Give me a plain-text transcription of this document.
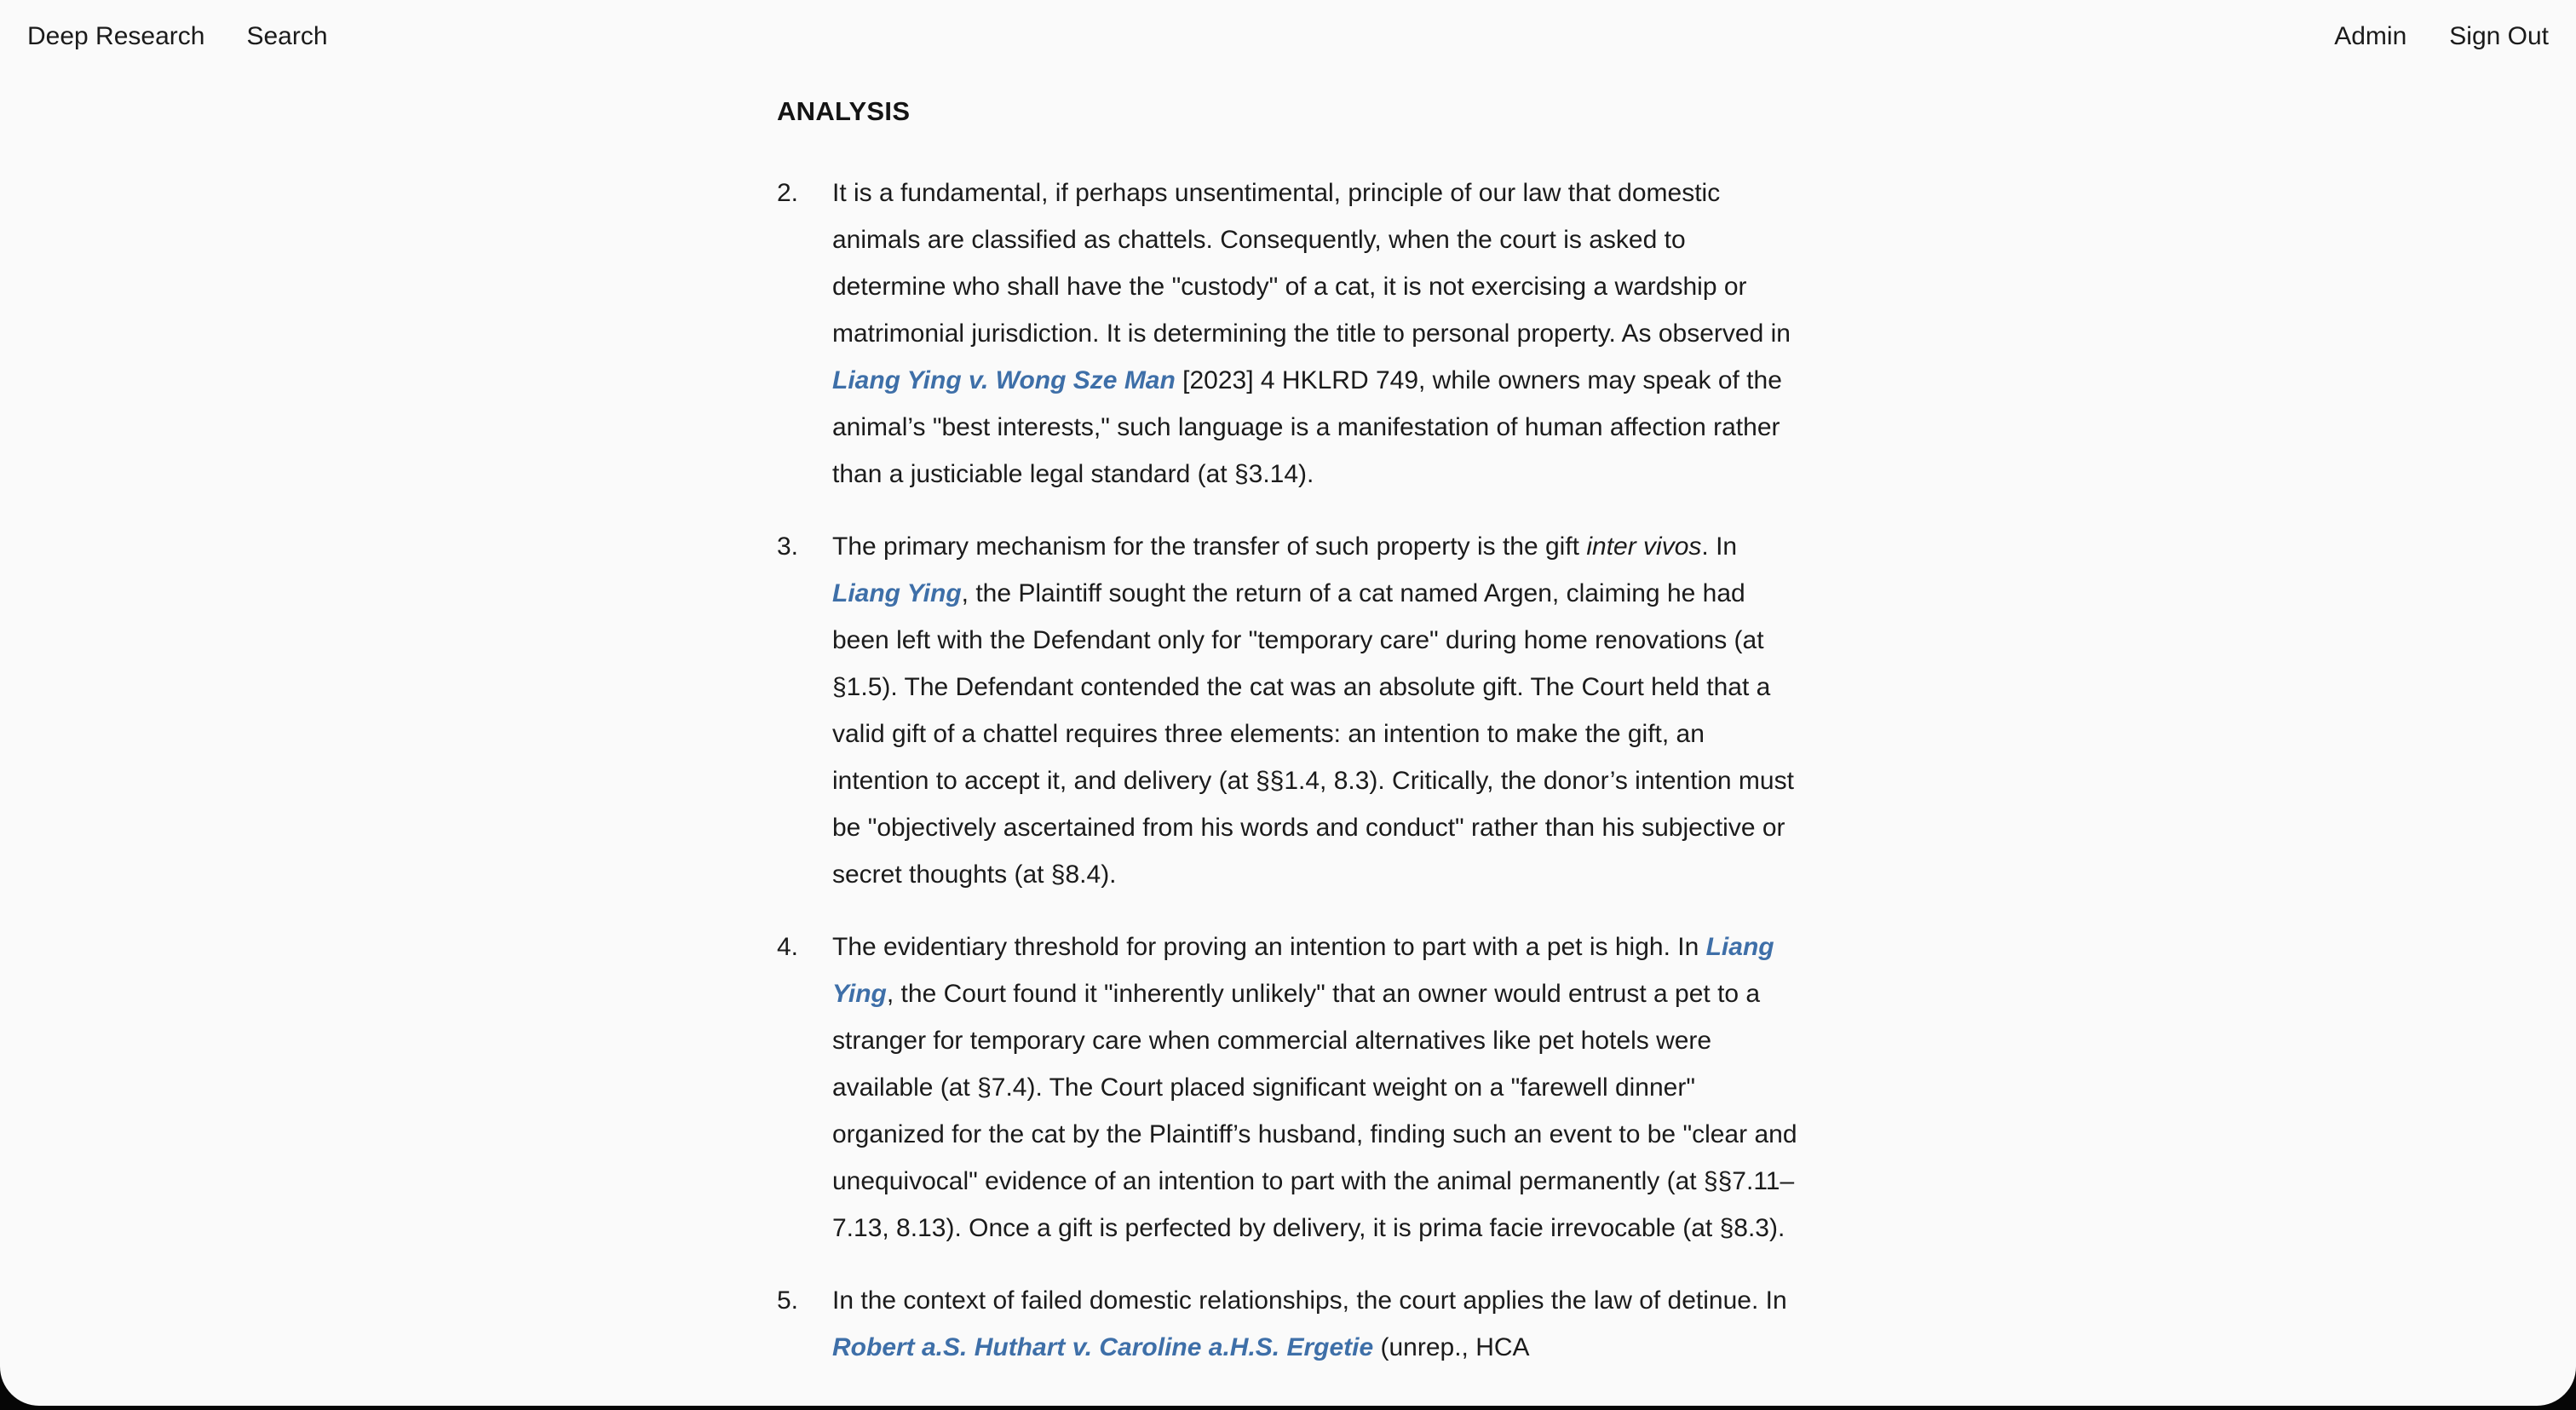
Deep Research Search	Admin Sign Out
ANALYSIS
2.	It is a fundamental, if perhaps unsentimental, principle of our law that domestic animals are classified as chattels. Consequently, when the court is asked to determine who shall have the "custody" of a cat, it is not exercising a wardship or matrimonial jurisdiction. It is determining the title to personal property. As observed in Liang Ying v. Wong Sze Man [2023] 4 HKLRD 749, while owners may speak of the animal’s "best interests," such language is a manifestation of human affection rather than a justiciable legal standard (at §3.14).
3.	The primary mechanism for the transfer of such property is the gift inter vivos. In Liang Ying, the Plaintiff sought the return of a cat named Argen, claiming he had been left with the Defendant only for "temporary care" during home renovations (at §1.5). The Defendant contended the cat was an absolute gift. The Court held that a valid gift of a chattel requires three elements: an intention to make the gift, an intention to accept it, and delivery (at §§1.4, 8.3). Critically, the donor’s intention must be "objectively ascertained from his words and conduct" rather than his subjective or secret thoughts (at §8.4).
4.	The evidentiary threshold for proving an intention to part with a pet is high. In Liang Ying, the Court found it "inherently unlikely" that an owner would entrust a pet to a stranger for temporary care when commercial alternatives like pet hotels were available (at §7.4). The Court placed significant weight on a "farewell dinner" organized for the cat by the Plaintiff’s husband, finding such an event to be "clear and unequivocal" evidence of an intention to part with the animal permanently (at §§7.11–7.13, 8.13). Once a gift is perfected by delivery, it is prima facie irrevocable (at §8.3).
5.	In the context of failed domestic relationships, the court applies the law of detinue. In Robert a.S. Huthart v. Caroline a.H.S. Ergetie (unrep., HCA
